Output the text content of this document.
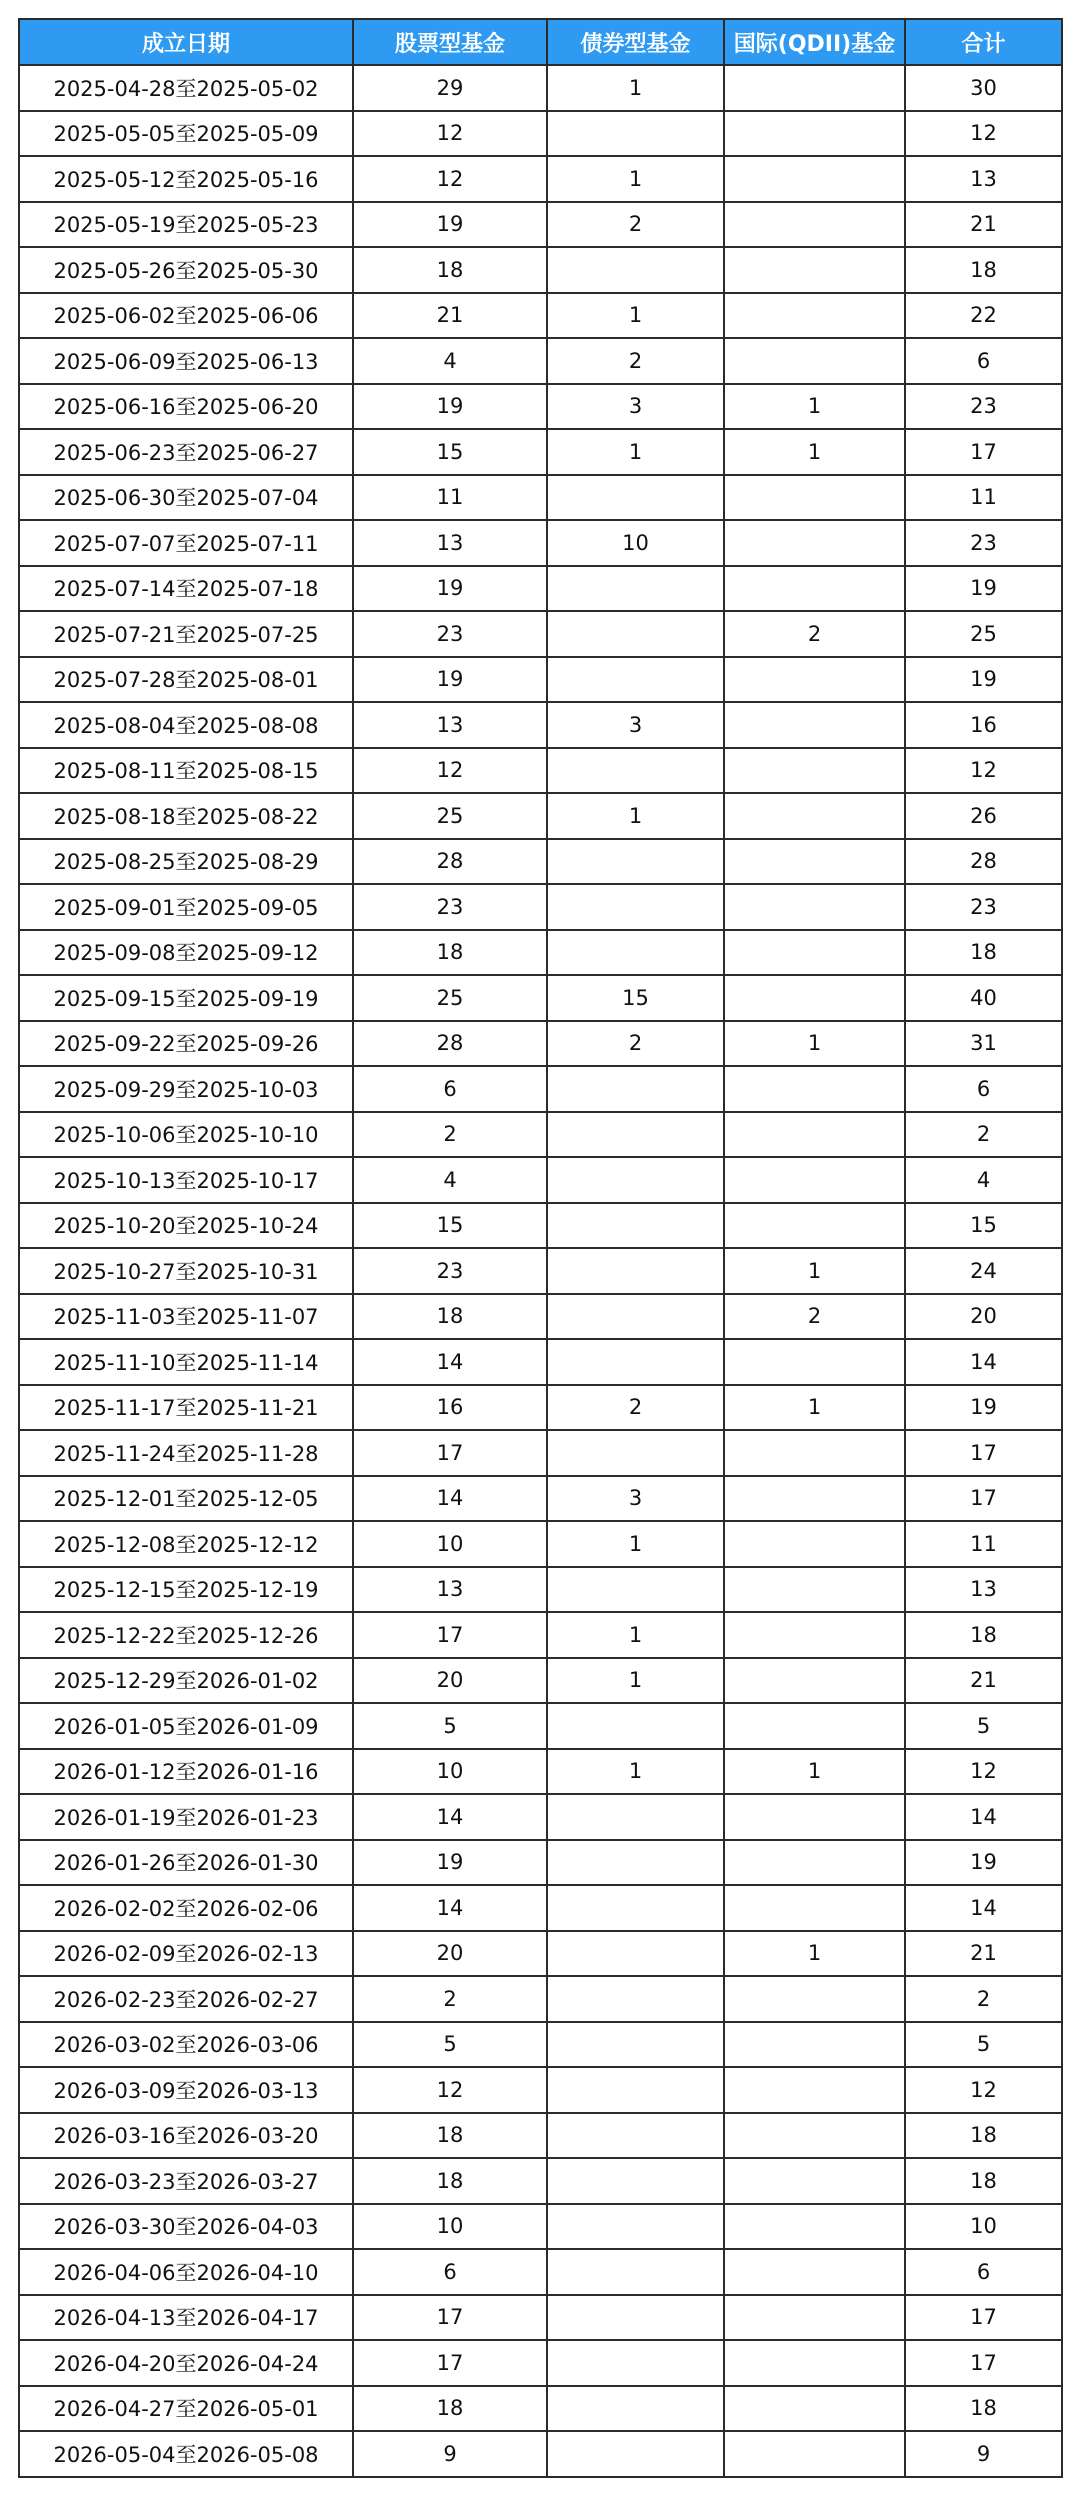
成立日期	股票型基金	债券型基金	国际(QDII)基金	合计
2025-04-28至2025-05-02	29	1		30
2025-05-05至2025-05-09	12			12
2025-05-12至2025-05-16	12	1		13
2025-05-19至2025-05-23	19	2		21
2025-05-26至2025-05-30	18			18
2025-06-02至2025-06-06	21	1		22
2025-06-09至2025-06-13	4	2		6
2025-06-16至2025-06-20	19	3	1	23
2025-06-23至2025-06-27	15	1	1	17
2025-06-30至2025-07-04	11			11
2025-07-07至2025-07-11	13	10		23
2025-07-14至2025-07-18	19			19
2025-07-21至2025-07-25	23		2	25
2025-07-28至2025-08-01	19			19
2025-08-04至2025-08-08	13	3		16
2025-08-11至2025-08-15	12			12
2025-08-18至2025-08-22	25	1		26
2025-08-25至2025-08-29	28			28
2025-09-01至2025-09-05	23			23
2025-09-08至2025-09-12	18			18
2025-09-15至2025-09-19	25	15		40
2025-09-22至2025-09-26	28	2	1	31
2025-09-29至2025-10-03	6			6
2025-10-06至2025-10-10	2			2
2025-10-13至2025-10-17	4			4
2025-10-20至2025-10-24	15			15
2025-10-27至2025-10-31	23		1	24
2025-11-03至2025-11-07	18		2	20
2025-11-10至2025-11-14	14			14
2025-11-17至2025-11-21	16	2	1	19
2025-11-24至2025-11-28	17			17
2025-12-01至2025-12-05	14	3		17
2025-12-08至2025-12-12	10	1		11
2025-12-15至2025-12-19	13			13
2025-12-22至2025-12-26	17	1		18
2025-12-29至2026-01-02	20	1		21
2026-01-05至2026-01-09	5			5
2026-01-12至2026-01-16	10	1	1	12
2026-01-19至2026-01-23	14			14
2026-01-26至2026-01-30	19			19
2026-02-02至2026-02-06	14			14
2026-02-09至2026-02-13	20		1	21
2026-02-23至2026-02-27	2			2
2026-03-02至2026-03-06	5			5
2026-03-09至2026-03-13	12			12
2026-03-16至2026-03-20	18			18
2026-03-23至2026-03-27	18			18
2026-03-30至2026-04-03	10			10
2026-04-06至2026-04-10	6			6
2026-04-13至2026-04-17	17			17
2026-04-20至2026-04-24	17			17
2026-04-27至2026-05-01	18			18
2026-05-04至2026-05-08	9			9
